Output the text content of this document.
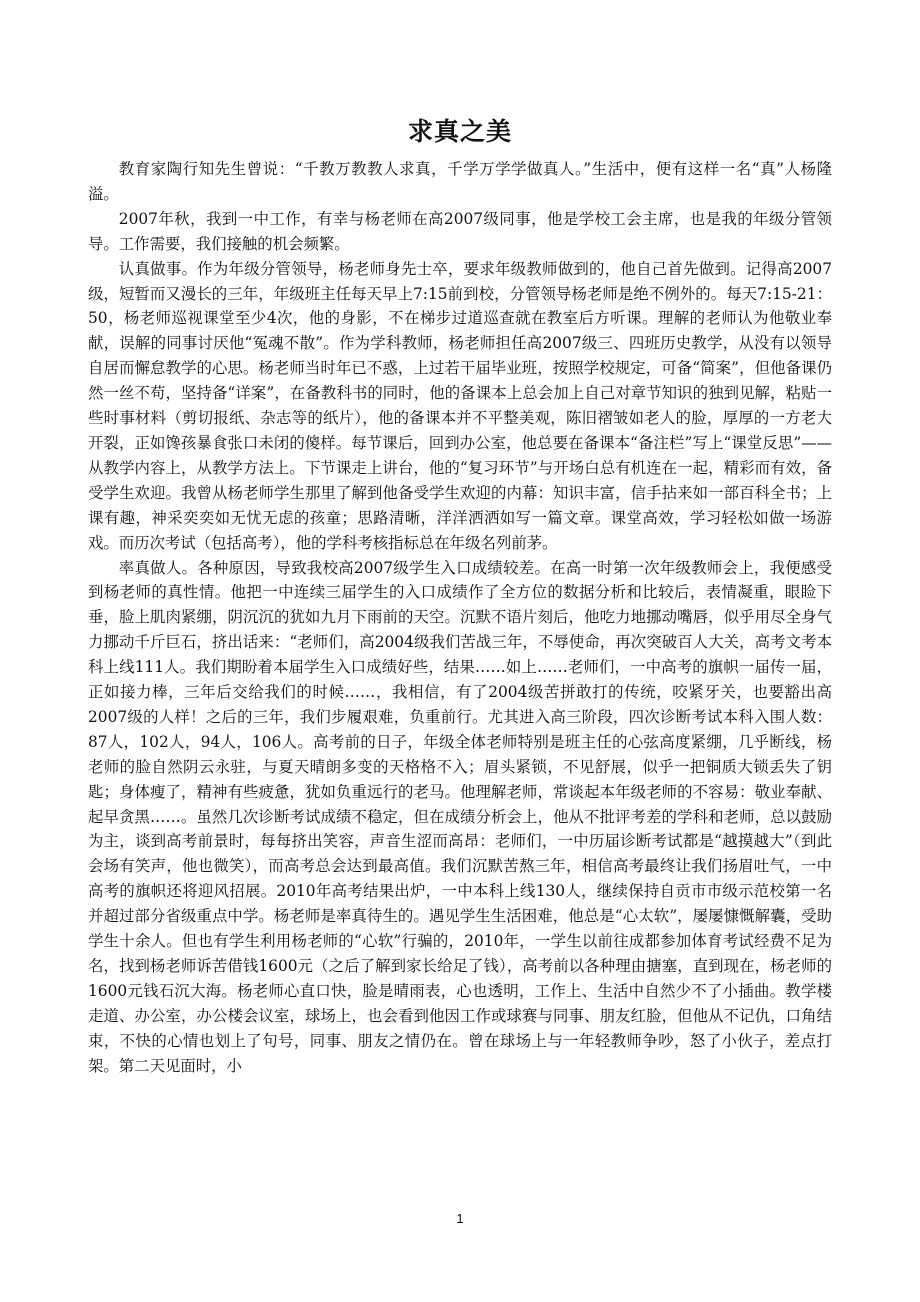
求真之美

教育家陶行知先生曾说：“千教万教教人求真，千学万学学做真人。”生活中，便有这样一名“真”人杨隆溢。

2007年秋，我到一中工作，有幸与杨老师在高2007级同事，他是学校工会主席，也是我的年级分管领导。工作需要，我们接触的机会频繁。

认真做事。作为年级分管领导，杨老师身先士卒，要求年级教师做到的，他自己首先做到。记得高2007级，短暂而又漫长的三年，年级班主任每天早上7:15前到校，分管领导杨老师是绝不例外的。每天7:15-21：50，杨老师巡视课堂至少4次，他的身影，不在梯步过道巡查就在教室后方听课。理解的老师认为他敬业奉献，误解的同事讨厌他“冤魂不散”。作为学科教师，杨老师担任高2007级三、四班历史教学，从没有以领导自居而懈怠教学的心思。杨老师当时年已不惑，上过若干届毕业班，按照学校规定，可备“简案”，但他备课仍然一丝不苟，坚持备“详案”，在备教科书的同时，他的备课本上总会加上自己对章节知识的独到见解，粘贴一些时事材料（剪切报纸、杂志等的纸片），他的备课本并不平整美观，陈旧褶皱如老人的脸，厚厚的一方老大开裂，正如馋孩暴食张口未闭的傻样。每节课后，回到办公室，他总要在备课本“备注栏”写上“课堂反思”——从教学内容上，从教学方法上。下节课走上讲台，他的“复习环节”与开场白总有机连在一起，精彩而有效，备受学生欢迎。我曾从杨老师学生那里了解到他备受学生欢迎的内幕：知识丰富，信手拈来如一部百科全书；上课有趣，神采奕奕如无忧无虑的孩童；思路清晰，洋洋洒洒如写一篇文章。课堂高效，学习轻松如做一场游戏。而历次考试（包括高考），他的学科考核指标总在年级名列前茅。

率真做人。各种原因，导致我校高2007级学生入口成绩较差。在高一时第一次年级教师会上，我便感受到杨老师的真性情。他把一中连续三届学生的入口成绩作了全方位的数据分析和比较后，表情凝重，眼睑下垂，脸上肌肉紧绷，阴沉沉的犹如九月下雨前的天空。沉默不语片刻后，他吃力地挪动嘴唇，似乎用尽全身气力挪动千斤巨石，挤出话来：“老师们，高2004级我们苦战三年，不辱使命，再次突破百人大关，高考文考本科上线111人。我们期盼着本届学生入口成绩好些，结果……如上……老师们，一中高考的旗帜一届传一届，正如接力棒，三年后交给我们的时候……，我相信，有了2004级苦拼敢打的传统，咬紧牙关，也要豁出高2007级的人样！之后的三年，我们步履艰难，负重前行。尤其进入高三阶段，四次诊断考试本科入围人数：87人，102人，94人，106人。高考前的日子，年级全体老师特别是班主任的心弦高度紧绷，几乎断线，杨老师的脸自然阴云永驻，与夏天晴朗多变的天格格不入；眉头紧锁，不见舒展，似乎一把铜质大锁丢失了钥匙；身体瘦了，精神有些疲惫，犹如负重远行的老马。他理解老师，常谈起本年级老师的不容易：敬业奉献、起早贪黑……。虽然几次诊断考试成绩不稳定，但在成绩分析会上，他从不批评考差的学科和老师，总以鼓励为主，谈到高考前景时，每每挤出笑容，声音生涩而高昂：老师们，一中历届诊断考试都是“越摸越大”（到此会场有笑声，他也微笑），而高考总会达到最高值。我们沉默苦熬三年，相信高考最终让我们扬眉吐气，一中高考的旗帜还将迎风招展。2010年高考结果出炉，一中本科上线130人，继续保持自贡市市级示范校第一名并超过部分省级重点中学。杨老师是率真待生的。遇见学生生活困难，他总是“心太软”，屡屡慷慨解囊，受助学生十余人。但也有学生利用杨老师的“心软”行骗的，2010年，一学生以前往成都参加体育考试经费不足为名，找到杨老师诉苦借钱1600元（之后了解到家长给足了钱），高考前以各种理由搪塞，直到现在，杨老师的1600元钱石沉大海。杨老师心直口快，脸是晴雨表，心也透明，工作上、生活中自然少不了小插曲。教学楼走道、办公室，办公楼会议室，球场上，也会看到他因工作或球赛与同事、朋友红脸，但他从不记仇，口角结束，不快的心情也划上了句号，同事、朋友之情仍在。曾在球场上与一年轻教师争吵，怒了小伙子，差点打架。第二天见面时，小

1
